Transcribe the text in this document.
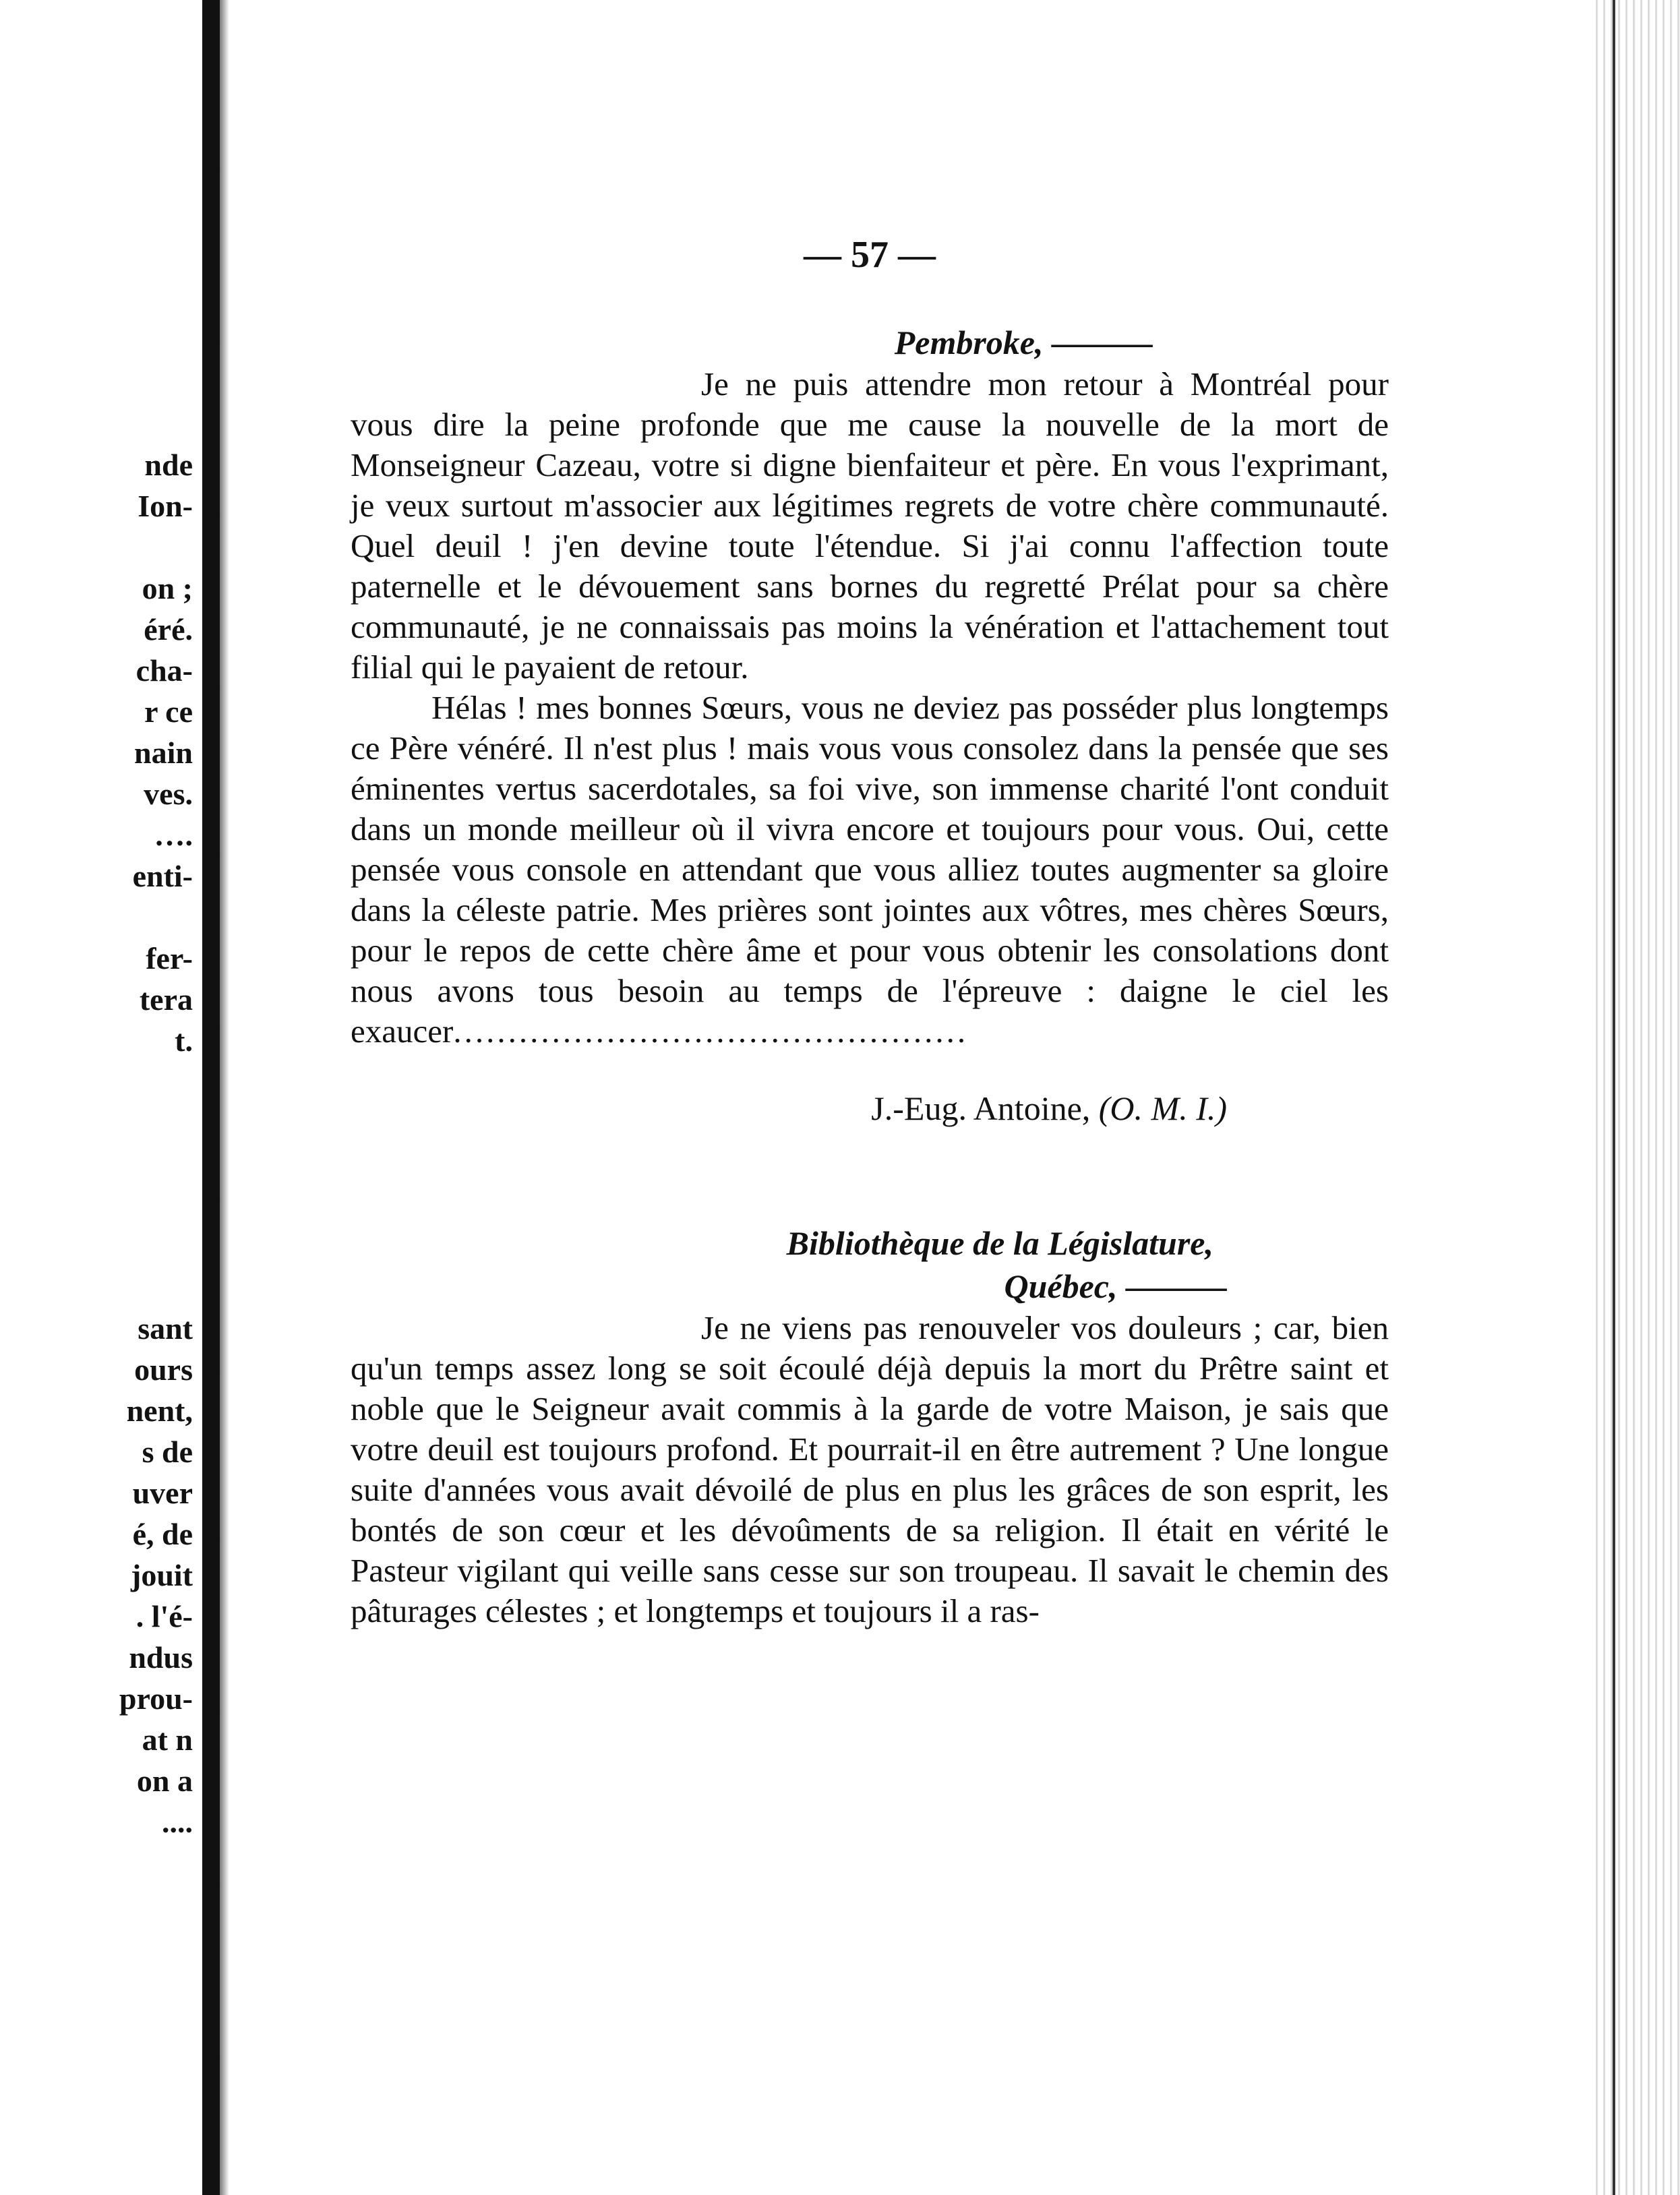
nde

Ion-

on ;

éré.

cha-

r ce

nain

ves.

….

enti-

fer-

tera

t.

sant

ours

nent,

s de

uver

é, de

jouit

. l'é-

ndus

prou-

at n

on a

....

— 57 —
Pembroke, ———

Je ne puis attendre mon retour à Montréal pour vous dire la peine profonde que me cause la nouvelle de la mort de Monseigneur Cazeau, votre si digne bienfaiteur et père. En vous l'exprimant, je veux surtout m'associer aux légitimes regrets de votre chère communauté. Quel deuil ! j'en devine toute l'étendue. Si j'ai connu l'affection toute paternelle et le dévouement sans bornes du regretté Prélat pour sa chère communauté, je ne connaissais pas moins la vénération et l'attachement tout filial qui le payaient de retour.

Hélas ! mes bonnes Sœurs, vous ne deviez pas posséder plus longtemps ce Père vénéré. Il n'est plus ! mais vous vous consolez dans la pensée que ses éminentes vertus sacerdotales, sa foi vive, son immense charité l'ont conduit dans un monde meilleur où il vivra encore et toujours pour vous. Oui, cette pensée vous console en attendant que vous alliez toutes augmenter sa gloire dans la céleste patrie. Mes prières sont jointes aux vôtres, mes chères Sœurs, pour le repos de cette chère âme et pour vous obtenir les consolations dont nous avons tous besoin au temps de l'épreuve : daigne le ciel les exaucer...............................................

J.-Eug. Antoine, (O. M. I.)
Bibliothèque de la Législature,
Québec, ———

Je ne viens pas renouveler vos douleurs ; car, bien qu'un temps assez long se soit écoulé déjà depuis la mort du Prêtre saint et noble que le Seigneur avait commis à la garde de votre Maison, je sais que votre deuil est toujours profond. Et pourrait-il en être autrement ? Une longue suite d'années vous avait dévoilé de plus en plus les grâces de son esprit, les bontés de son cœur et les dévoûments de sa religion. Il était en vérité le Pasteur vigilant qui veille sans cesse sur son troupeau. Il savait le chemin des pâturages célestes ; et longtemps et toujours il a ras-
